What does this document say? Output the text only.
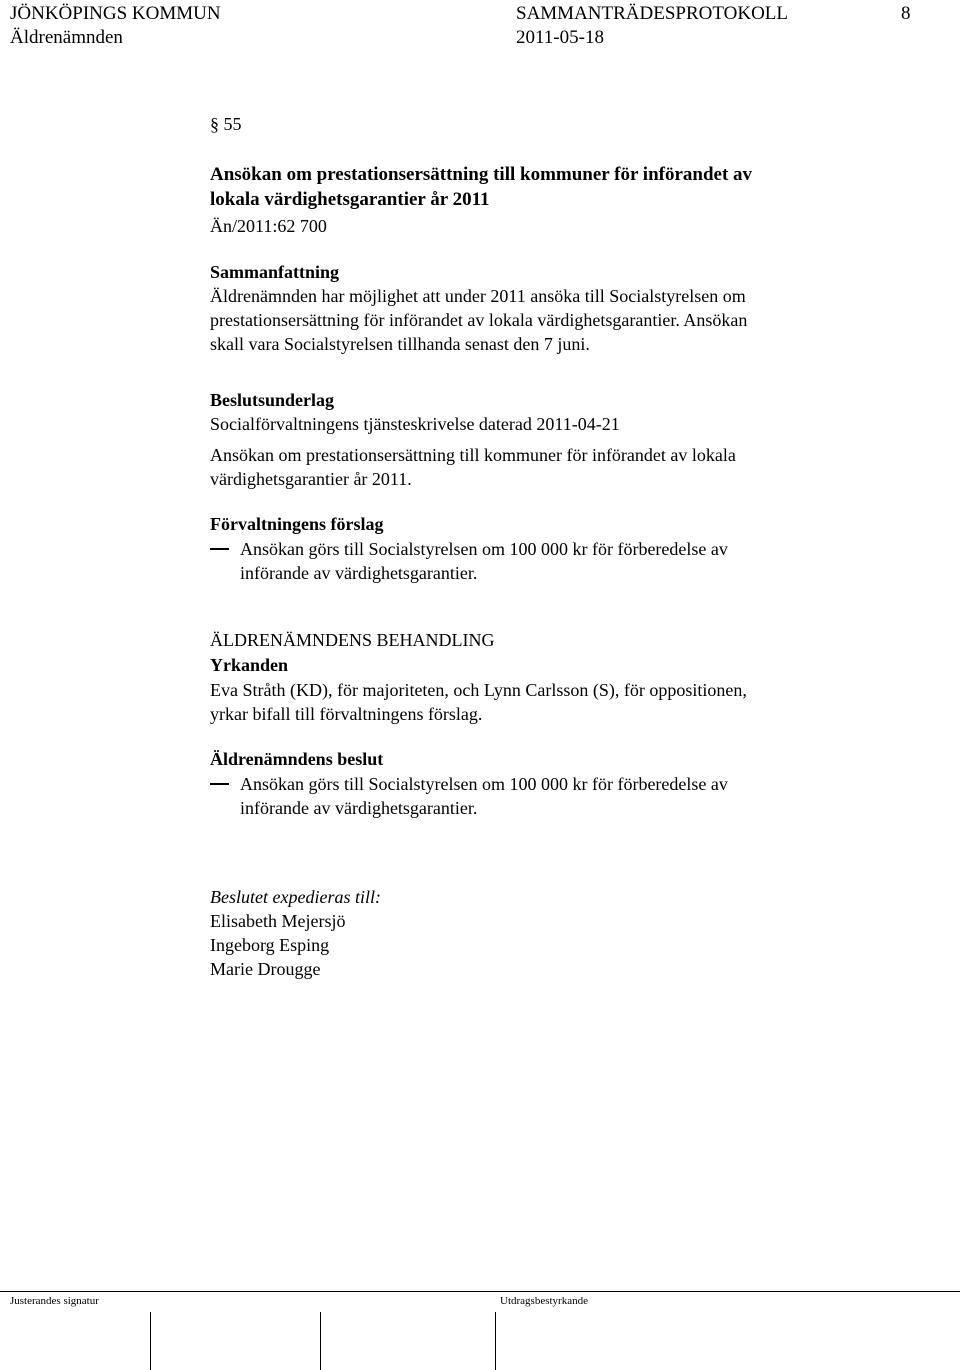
JÖNKÖPINGS KOMMUN	SAMMANTRÄDESPROTOKOLL	8
Äldrenämnden	2011-05-18
§ 55
Ansökan om prestationsersättning till kommuner för införandet av
lokala värdighetsgarantier år 2011
Än/2011:62 700
Sammanfattning
Äldrenämnden har möjlighet att under 2011 ansöka till Socialstyrelsen om
prestationsersättning för införandet av lokala värdighetsgarantier. Ansökan
skall vara Socialstyrelsen tillhanda senast den 7 juni.
Beslutsunderlag
Socialförvaltningens tjänsteskrivelse daterad 2011-04-21
Ansökan om prestationsersättning till kommuner för införandet av lokala
värdighetsgarantier år 2011.
Förvaltningens förslag
Ansökan görs till Socialstyrelsen om 100 000 kr för förberedelse av
införande av värdighetsgarantier.
ÄLDRENÄMNDENS BEHANDLING
Yrkanden
Eva Stråth (KD), för majoriteten, och Lynn Carlsson (S), för oppositionen,
yrkar bifall till förvaltningens förslag.
Äldrenämndens beslut
Ansökan görs till Socialstyrelsen om 100 000 kr för förberedelse av
införande av värdighetsgarantier.
Beslutet expedieras till:
Elisabeth Mejersjö
Ingeborg Esping
Marie Drougge
Justerandes signatur	Utdragsbestyrkande
